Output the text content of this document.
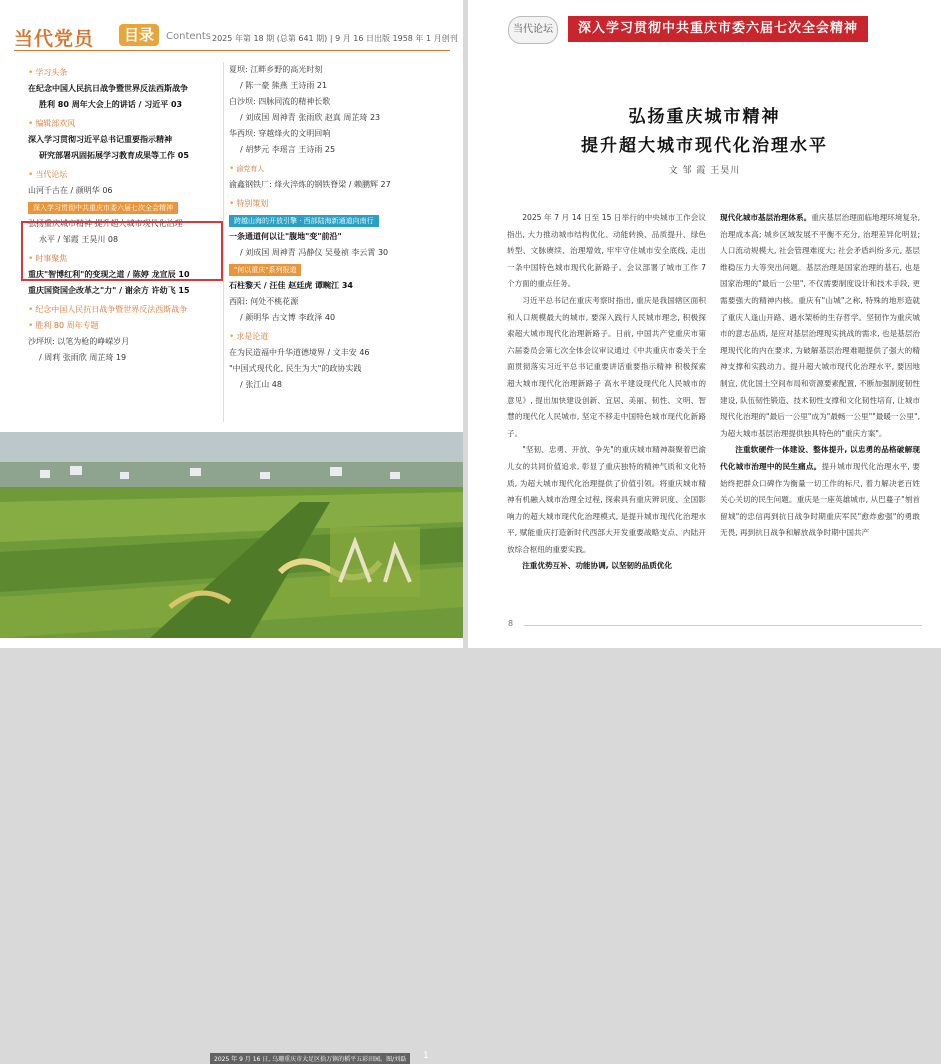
当代党员	目录	Contents 2025 年第 18 期 (总第 641 期) | 9 月 16 日出版 1958 年 1 月创刊
• 学习头条
在纪念中国人民抗日战争暨世界反法西斯战争
胜利 80 周年大会上的讲话 / 习近平 03
• 编辑部欢风
深入学习贯彻习近平总书记重要指示精神
研究部署巩固拓展学习教育成果等工作 05
• 当代论坛
山河千古在 / 颜明华 06
深入学习贯彻中共重庆市委六届七次全会精神
弘扬重庆城市精神 提升超大城市现代化治理
水平 / 邹霞 王昊川 08
• 时事聚焦
重庆"智博红利"的变现之道 / 陈婷 龙宣辰 10
重庆国资国企改革之"力" / 谢余方 许幼飞 15
• 纪念中国人民抗日战争暨世界反法西斯战争
• 胜利 80 周年专题
沙坪坝: 以笔为枪的峥嵘岁月
/ 周莉 张雨欣 周芷琦 19
夏坝: 江畔乡野的高光时刻
/ 陈一豪 熊燕 王诗雨 21
白沙坝: 四脉同流的精神长歌
/ 刘成国 周神青 张雨欣 赵真 周芷琦 23
华西坝: 穿越烽火的文明回响
/ 胡梦元 李瑶言 王诗雨 25
• 渝党育人
渝鑫钢铁厂: 烽火淬炼的钢铁脊梁 / 赖鹏辉 27
• 特别策划
跨越山海的开放引擎 · 西部陆海新通道向南行
一条通道何以让"腹地"变"前沿"
/ 刘成国 周神青 冯静仪 吴曼祯 李云霄 30
"何以重庆"系列报道
石柱黎天 / 汪佳 赵廷虎 谭畹江 34
西阳: 何处不桃花源
/ 颜明华 古文博 李政泽 40
• 求是论道
在为民造福中升华道德境界 / 文丰安 46
"中国式现代化, 民生为大"的政协实践
/ 张江山 48
2025 年 9 月 16 日, 乌珊重庆市大足区拾万镇的稻平五彩田园。图/刘磊	1
当代论坛	深入学习贯彻中共重庆市委六届七次全会精神
弘扬重庆城市精神
提升超大城市现代化治理水平
文 邹 霞 王昊川

2025 年 7 月 14 日至 15 日举行的中央城市工作会议指出, 大力推动城市结构优化、动能转换、品质提升、绿色转型、文脉赓续、治理增效, 牢牢守住城市安全底线, 走出一条中国特色城市现代化新路子。会议部署了城市工作 7 个方面的重点任务。

习近平总书记在重庆考察时指出, 重庆是我国辖区面积和人口规模最大的城市, 要深入践行人民城市理念, 积极探索超大城市现代化治理新路子。日前, 中国共产党重庆市第六届委员会第七次全体会议审议通过《中共重庆市委关于全面贯彻落实习近平总书记重要讲话重要指示精神 积极探索超大城市现代化治理新路子 高水平建设现代化人民城市的意见》, 提出加快建设创新、宜居、美丽、韧性、文明、智慧的现代化人民城市, 坚定不移走中国特色城市现代化新路子。

"坚韧、忠勇、开放、争先"的重庆城市精神凝聚着巴渝儿女的共同价值追求, 彰显了重庆独特的精神气质和文化特质, 为超大城市现代化治理提供了价值引领。将重庆城市精神有机融入城市治理全过程, 探索具有重庆辨识度、全国影响力的超大城市现代化治理模式, 是提升城市现代化治理水平, 赋能重庆打造新时代西部大开发重要战略支点、内陆开放综合枢纽的重要实践。

注重优势互补、功能协调, 以坚韧的品质优化

现代化城市基层治理体系。重庆基层治理面临地理环境复杂, 治理成本高; 城乡区域发展不平衡不充分, 治理差异化明显; 人口流动规模大, 社会管理难度大; 社会矛盾纠纷多元, 基层维稳压力大等突出问题。基层治理是国家治理的基石, 也是国家治理的"最后一公里", 不仅需要制度设计和技术手段, 更需要强大的精神内核。重庆有"山城"之称, 特殊的地形造就了重庆人逢山开路、遇水架桥的生存哲学。坚韧作为重庆城市的意志品质, 是应对基层治理现实挑战的需求, 也是基层治理现代化的内在要求, 为破解基层治理难题提供了强大的精神支撑和实践动力。提升超大城市现代化治理水平, 要因地制宜, 优化国土空间布局和资源要素配置, 不断加强制度韧性建设, 队伍韧性锻造、技术韧性支撑和文化韧性培育, 让城市现代化治理的"最后一公里"成为"最畅一公里""最暖一公里", 为超大城市基层治理提供独具特色的"重庆方案"。

注重软硬件一体建设、整体提升, 以忠勇的品格破解现代化城市治理中的民生痛点。提升城市现代化治理水平, 要始终把群众口碑作为衡量一切工作的标尺, 着力解决老百姓关心关切的民生问题。重庆是一座英雄城市, 从巴蔓子"刎首留城"的忠信再到抗日战争时期重庆军民"愈炸愈强"的勇敢无畏, 再到抗日战争和解放战争时期中国共产

8
